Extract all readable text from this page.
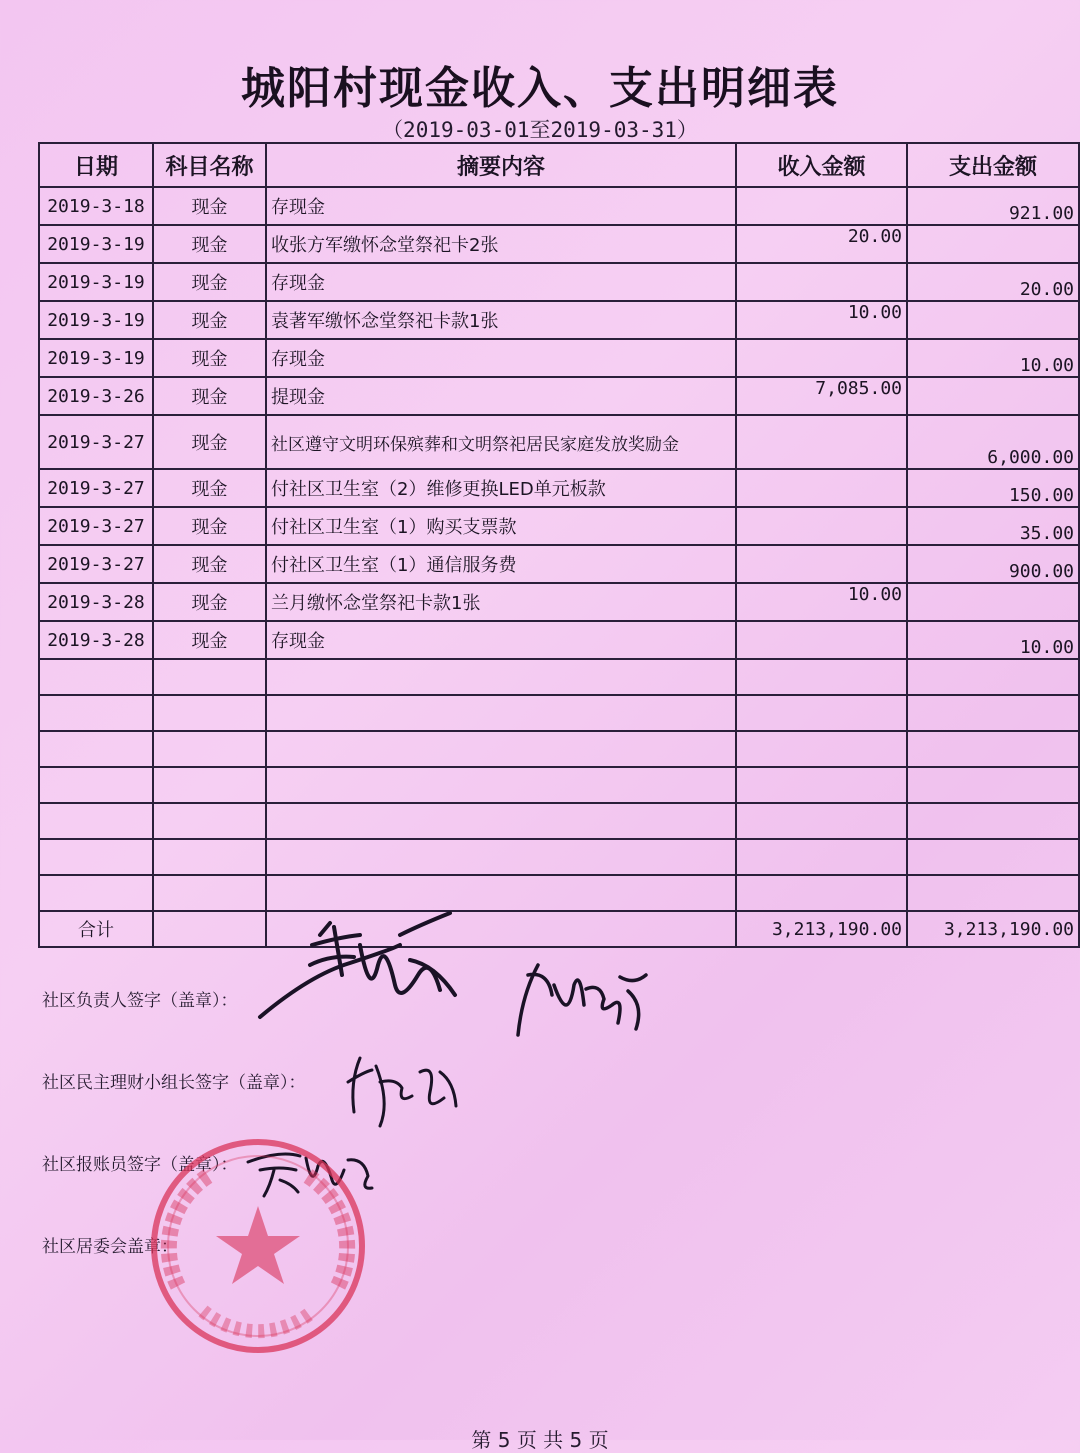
城阳村现金收入、支出明细表
（2019-03-01至2019-03-31）
日期	科目名称	摘要内容	收入金额	支出金额
2019-3-18	现金	存现金		921.00
2019-3-19	现金	收张方军缴怀念堂祭祀卡2张	20.00	
2019-3-19	现金	存现金		20.00
2019-3-19	现金	袁著军缴怀念堂祭祀卡款1张	10.00	
2019-3-19	现金	存现金		10.00
2019-3-26	现金	提现金	7,085.00	
2019-3-27	现金	社区遵守文明环保殡葬和文明祭祀居民家庭发放奖励金		6,000.00
2019-3-27	现金	付社区卫生室（2）维修更换LED单元板款		150.00
2019-3-27	现金	付社区卫生室（1）购买支票款		35.00
2019-3-27	现金	付社区卫生室（1）通信服务费		900.00
2019-3-28	现金	兰月缴怀念堂祭祀卡款1张	10.00	
2019-3-28	现金	存现金		10.00

合计			3,213,190.00	3,213,190.00
社区负责人签字（盖章）：
社区民主理财小组长签字（盖章）：
社区报账员签字（盖章）：
社区居委会盖章：
第 5 页 共 5 页
